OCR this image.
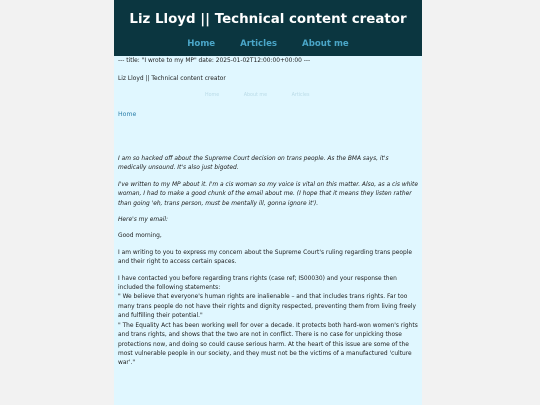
Liz Lloyd || Technical content creator
Home	Articles	About me
--- title: "I wrote to my MP" date: 2025-01-02T12:00:00+00:00 ---
Liz Lloyd || Technical content creator
Home	About me	Articles
Home

I am so hacked off about the Supreme Court decision on trans people. As the BMA says, it's medically unsound. It's also just bigoted.

I've written to my MP about it. I'm a cis woman so my voice is vital on this matter. Also, as a cis white woman, I had to make a good chunk of the email about me. (I hope that it means they listen rather than going 'eh, trans person, must be mentally ill, gonna ignore it').

Here's my email:

Good morning,

I am writing to you to express my concern about the Supreme Court's ruling regarding trans people and their right to access certain spaces.

I have contacted you before regarding trans rights (case ref; IS00030) and your response then included the following statements:

" We believe that everyone's human rights are inalienable – and that includes trans rights. Far too many trans people do not have their rights and dignity respected, preventing them from living freely and fulfilling their potential."

" The Equality Act has been working well for over a decade. It protects both hard-won women's rights and trans rights, and shows that the two are not in conflict. There is no case for unpicking those protections now, and doing so could cause serious harm. At the heart of this issue are some of the most vulnerable people in our society, and they must not be the victims of a manufactured 'culture war'."
